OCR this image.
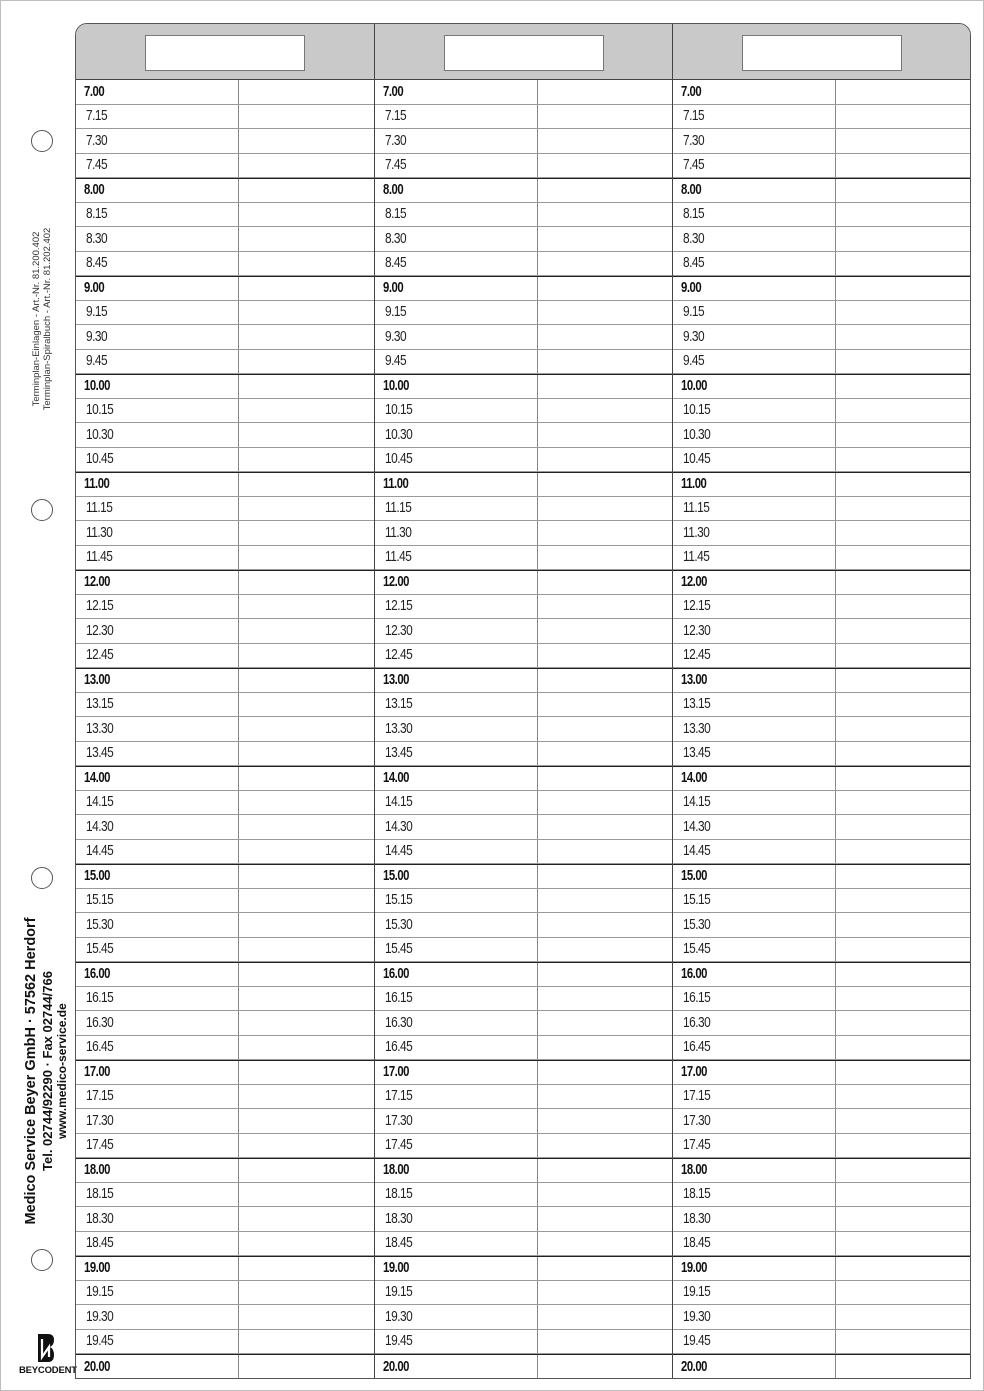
Terminplan-Einlagen - Art.-Nr. 81.200.402 Terminplan-Spiralbuch - Art.-Nr. 81.202.402
Medico Service Beyer GmbH · 57562 Herdorf Tel. 02744/92290 · Fax 02744/766 www.medico-service.de
BEYCODENT
7.00
7.15
7.30
7.45
8.00
8.15
8.30
8.45
9.00
9.15
9.30
9.45
10.00
10.15
10.30
10.45
11.00
11.15
11.30
11.45
12.00
12.15
12.30
12.45
13.00
13.15
13.30
13.45
14.00
14.15
14.30
14.45
15.00
15.15
15.30
15.45
16.00
16.15
16.30
16.45
17.00
17.15
17.30
17.45
18.00
18.15
18.30
18.45
19.00
19.15
19.30
19.45
20.00
7.00
7.15
7.30
7.45
8.00
8.15
8.30
8.45
9.00
9.15
9.30
9.45
10.00
10.15
10.30
10.45
11.00
11.15
11.30
11.45
12.00
12.15
12.30
12.45
13.00
13.15
13.30
13.45
14.00
14.15
14.30
14.45
15.00
15.15
15.30
15.45
16.00
16.15
16.30
16.45
17.00
17.15
17.30
17.45
18.00
18.15
18.30
18.45
19.00
19.15
19.30
19.45
20.00
7.00
7.15
7.30
7.45
8.00
8.15
8.30
8.45
9.00
9.15
9.30
9.45
10.00
10.15
10.30
10.45
11.00
11.15
11.30
11.45
12.00
12.15
12.30
12.45
13.00
13.15
13.30
13.45
14.00
14.15
14.30
14.45
15.00
15.15
15.30
15.45
16.00
16.15
16.30
16.45
17.00
17.15
17.30
17.45
18.00
18.15
18.30
18.45
19.00
19.15
19.30
19.45
20.00
